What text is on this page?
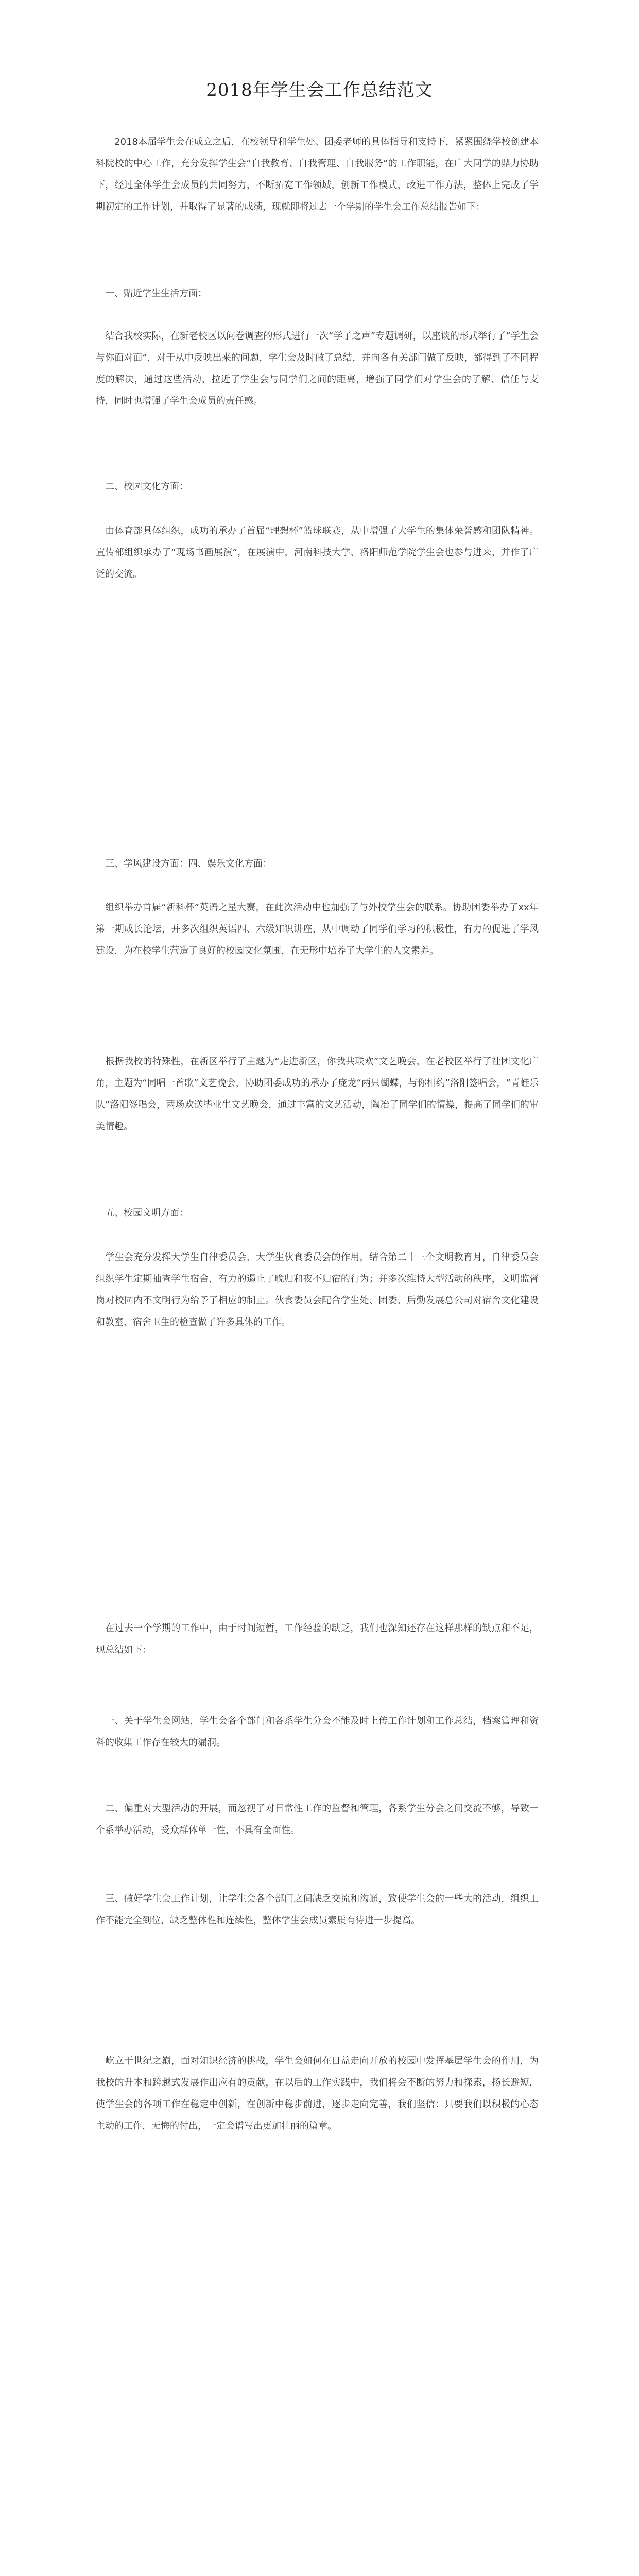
2018年学生会工作总结范文
　　2018本届学生会在成立之后，在校领导和学生处、团委老师的具体指导和支持下，紧紧围绕学校创建本科院校的中心工作，充分发挥学生会“自我教育、自我管理、自我服务”的工作职能，在广大同学的鼎力协助下，经过全体学生会成员的共同努力，不断拓宽工作领域，创新工作模式，改进工作方法，整体上完成了学期初定的工作计划，并取得了显著的成绩，现就即将过去一个学期的学生会工作总结报告如下：
　一、贴近学生生活方面：
　结合我校实际，在新老校区以问卷调查的形式进行一次“学子之声”专题调研，以座谈的形式举行了“学生会与你面对面”，对于从中反映出来的问题，学生会及时做了总结，并向各有关部门做了反映，都得到了不同程度的解决，通过这些活动，拉近了学生会与同学们之间的距离，增强了同学们对学生会的了解、信任与支持，同时也增强了学生会成员的责任感。
　二、校园文化方面：
　由体育部具体组织，成功的承办了首届“理想杯”篮球联赛，从中增强了大学生的集体荣誉感和团队精神。宣传部组织承办了“现场书画展演”，在展演中，河南科技大学、洛阳师范学院学生会也参与进来，并作了广泛的交流。
　三、学风建设方面：四、娱乐文化方面：
　组织举办首届“新科杯”英语之星大赛，在此次活动中也加强了与外校学生会的联系。协助团委举办了xx年第一期成长论坛，并多次组织英语四、六级知识讲座，从中调动了同学们学习的积极性，有力的促进了学风建设，为在校学生营造了良好的校园文化氛围，在无形中培养了大学生的人文素养。
　根据我校的特殊性，在新区举行了主题为“走进新区，你我共联欢”文艺晚会，在老校区举行了社团文化广角，主题为“同唱一首歌”文艺晚会，协助团委成功的承办了庞龙“两只蝴蝶，与你相约”洛阳签唱会，“青蛙乐队”洛阳签唱会，两场欢送毕业生文艺晚会，通过丰富的文艺活动，陶冶了同学们的情操，提高了同学们的审美情趣。
　五、校园文明方面：
　学生会充分发挥大学生自律委员会、大学生伙食委员会的作用，结合第二十三个文明教育月，自律委员会组织学生定期抽查学生宿舍，有力的遏止了晚归和夜不归宿的行为；并多次维持大型活动的秩序，文明监督岗对校园内不文明行为给予了相应的制止。伙食委员会配合学生处、团委、后勤发展总公司对宿舍文化建设和教室、宿舍卫生的检查做了许多具体的工作。
　在过去一个学期的工作中，由于时间短暂，工作经验的缺乏，我们也深知还存在这样那样的缺点和不足，现总结如下：
　一、关于学生会网站，学生会各个部门和各系学生分会不能及时上传工作计划和工作总结，档案管理和资料的收集工作存在较大的漏洞。
　二、偏重对大型活动的开展，而忽视了对日常性工作的监督和管理，各系学生分会之间交流不够，导致一个系举办活动，受众群体单一性，不具有全面性。
　三、做好学生会工作计划，让学生会各个部门之间缺乏交流和沟通，致使学生会的一些大的活动，组织工作不能完全到位，缺乏整体性和连续性，整体学生会成员素质有待进一步提高。
　屹立于世纪之巅，面对知识经济的挑战，学生会如何在日益走向开放的校园中发挥基层学生会的作用，为我校的升本和跨越式发展作出应有的贡献，在以后的工作实践中，我们将会不断的努力和探索，扬长避短，使学生会的各项工作在稳定中创新，在创新中稳步前进，逐步走向完善，我们坚信：只要我们以积极的心态主动的工作，无悔的付出，一定会谱写出更加壮丽的篇章。
